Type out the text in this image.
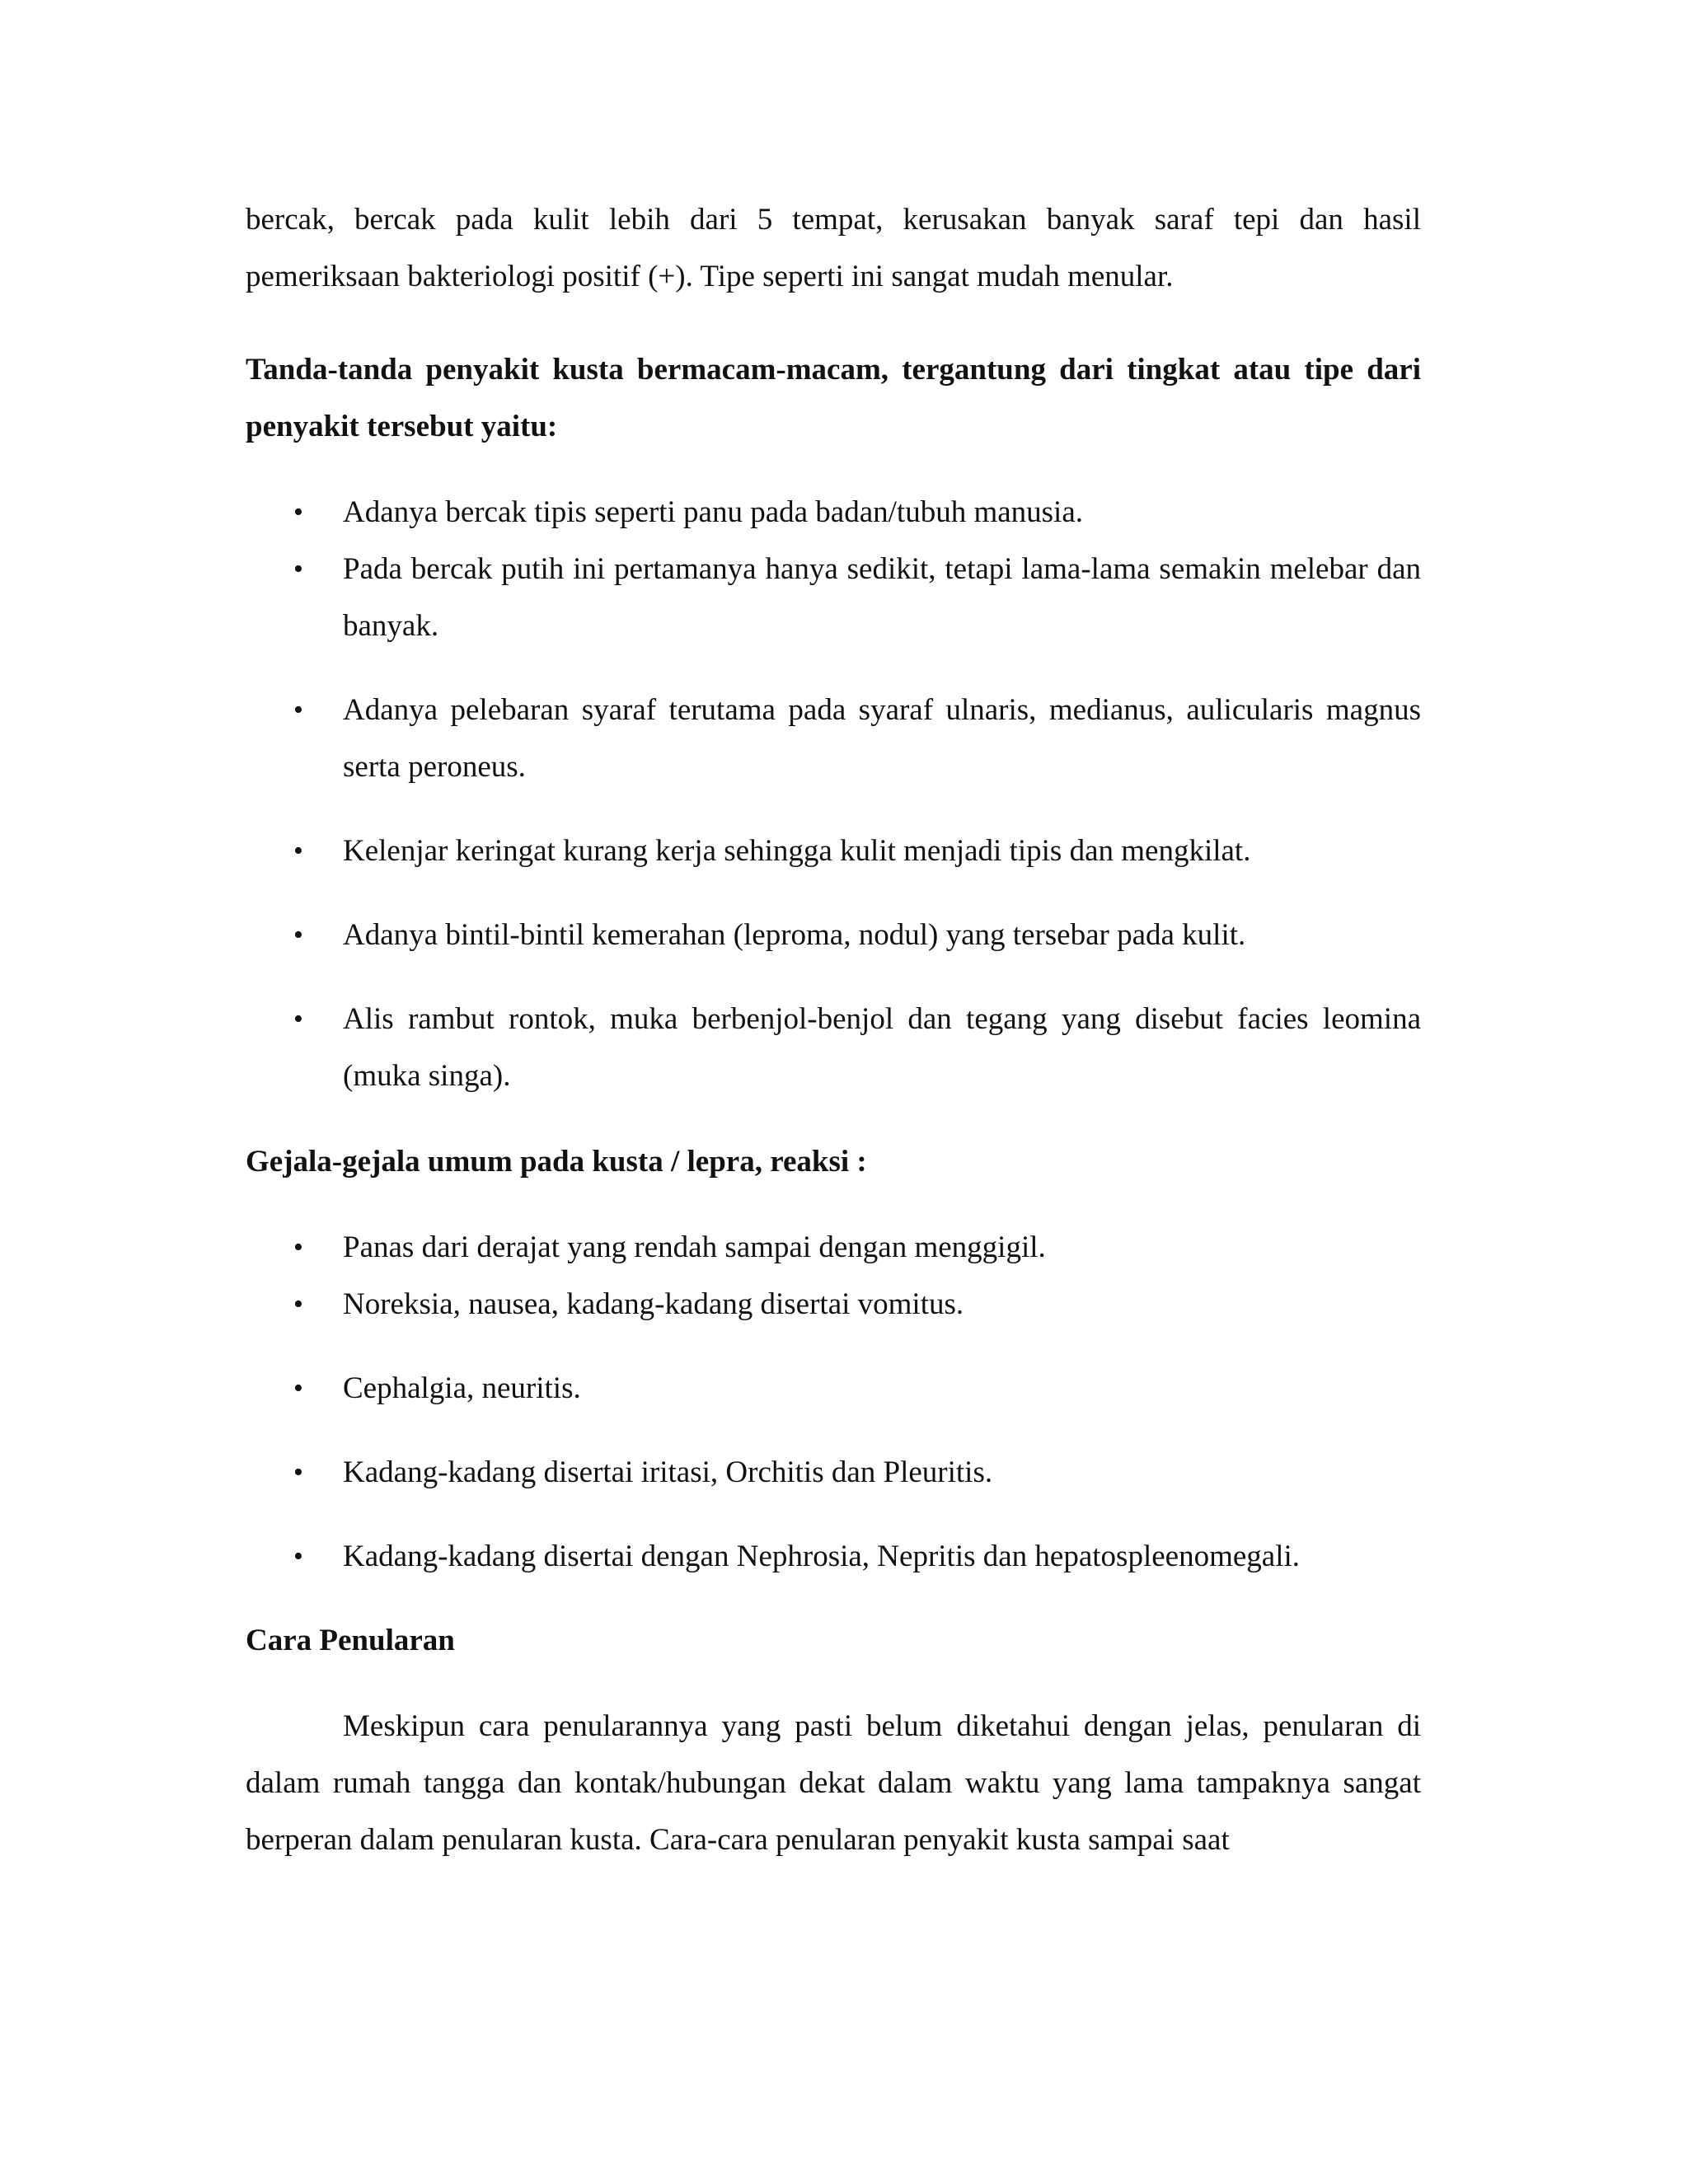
bercak, bercak pada kulit lebih dari 5 tempat, kerusakan banyak saraf tepi dan hasil pemeriksaan bakteriologi positif (+). Tipe seperti ini sangat mudah menular.

Tanda-tanda penyakit kusta bermacam-macam, tergantung dari tingkat atau tipe dari penyakit tersebut yaitu:

• Adanya bercak tipis seperti panu pada badan/tubuh manusia.
• Pada bercak putih ini pertamanya hanya sedikit, tetapi lama-lama semakin melebar dan banyak.
• Adanya pelebaran syaraf terutama pada syaraf ulnaris, medianus, aulicularis magnus serta peroneus.
• Kelenjar keringat kurang kerja sehingga kulit menjadi tipis dan mengkilat.
• Adanya bintil-bintil kemerahan (leproma, nodul) yang tersebar pada kulit.
• Alis rambut rontok, muka berbenjol-benjol dan tegang yang disebut facies leomina (muka singa).

Gejala-gejala umum pada kusta / lepra, reaksi :

• Panas dari derajat yang rendah sampai dengan menggigil.
• Noreksia, nausea, kadang-kadang disertai vomitus.
• Cephalgia, neuritis.
• Kadang-kadang disertai iritasi, Orchitis dan Pleuritis.
• Kadang-kadang disertai dengan Nephrosia, Nepritis dan hepatospleenomegali.

Cara Penularan

Meskipun cara penularannya yang pasti belum diketahui dengan jelas, penularan di dalam rumah tangga dan kontak/hubungan dekat dalam waktu yang lama tampaknya sangat berperan dalam penularan kusta. Cara-cara penularan penyakit kusta sampai saat
